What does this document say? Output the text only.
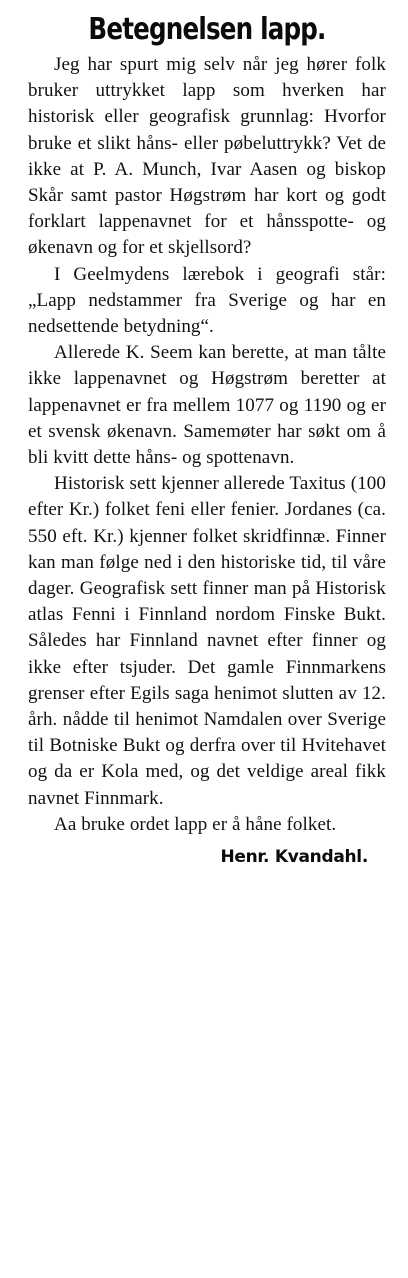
Betegnelsen lapp.

Jeg har spurt mig selv når jeg hører folk bruker uttrykket lapp som hverken har historisk eller geografisk grunnlag: Hvorfor bruke et slikt håns- eller pøbeluttrykk? Vet de ikke at P. A. Munch, Ivar Aasen og biskop Skår samt pastor Høgstrøm har kort og godt forklart lappenavnet for et hånsspotte- og økenavn og for et skjellsord?

I Geelmydens lærebok i geografi står: „Lapp nedstammer fra Sverige og har en nedsettende betydning“.

Allerede K. Seem kan berette, at man tålte ikke lappenavnet og Høgstrøm beretter at lappenavnet er fra mellem 1077 og 1190 og er et svensk økenavn. Samemøter har søkt om å bli kvitt dette håns- og spottenavn.

Historisk sett kjenner allerede Taxitus (100 efter Kr.) folket feni eller fenier. Jordanes (ca. 550 eft. Kr.) kjenner folket skridfinnæ. Finner kan man følge ned i den historiske tid, til våre dager. Geografisk sett finner man på Historisk atlas Fenni i Finnland nordom Finske Bukt. Således har Finnland navnet efter finner og ikke efter tsjuder. Det gamle Finnmarkens grenser efter Egils saga henimot slutten av 12. årh. nådde til henimot Namdalen over Sverige til Botniske Bukt og derfra over til Hvitehavet og da er Kola med, og det veldige areal fikk navnet Finnmark.

Aa bruke ordet lapp er å håne folket.

Henr. Kvandahl.
